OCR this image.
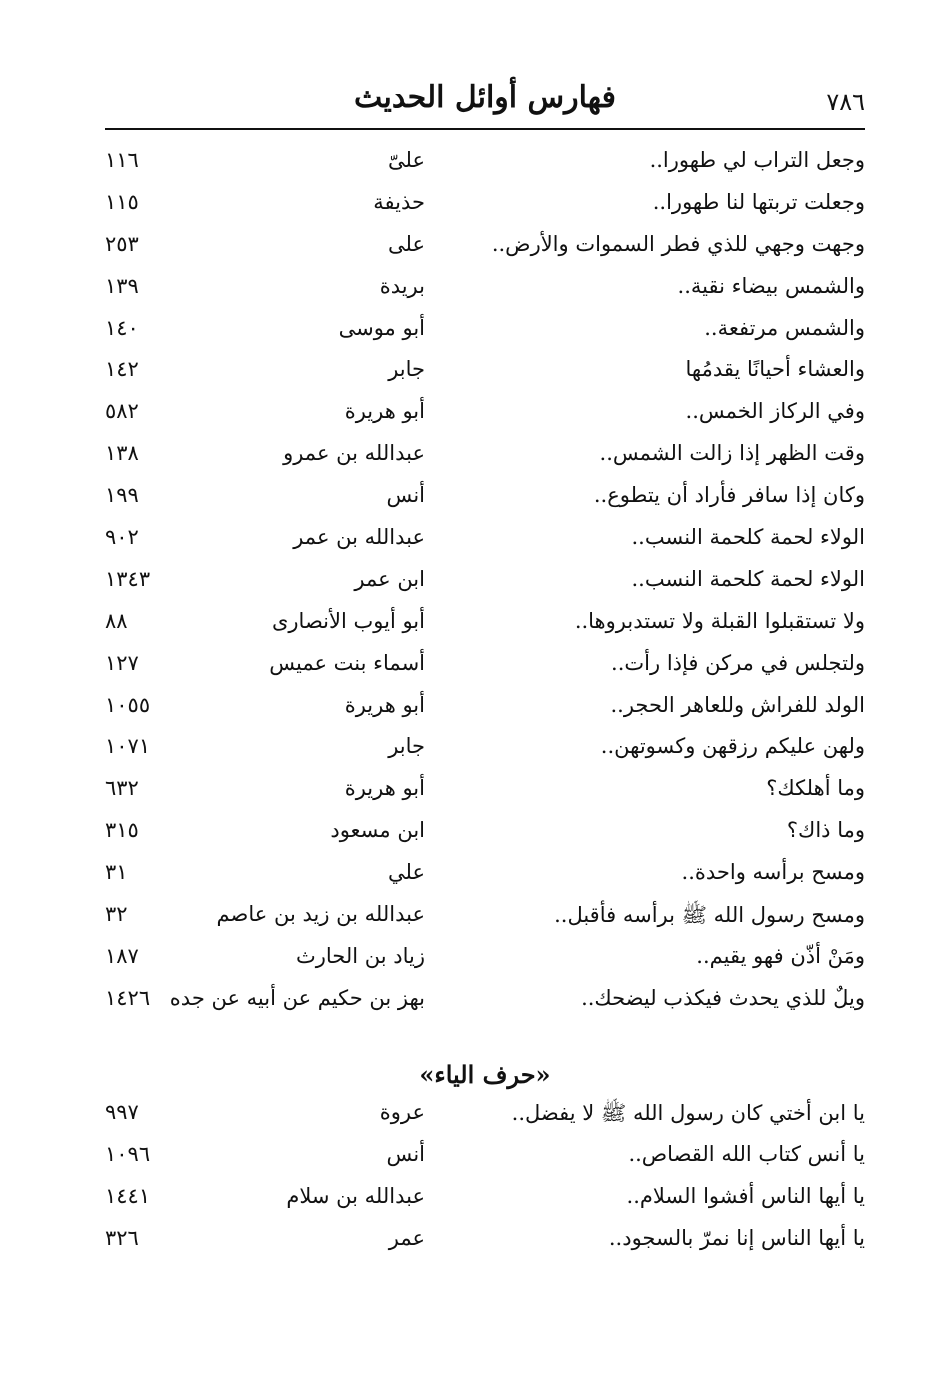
٧٨٦
فهارس أوائل الحديث
وجعل التراب لي طهورا..
علىّ
١١٦
وجعلت تربتها لنا طهورا..
حذيفة
١١٥
وجهت وجهي للذي فطر السموات والأرض..
على
٢٥٣
والشمس بيضاء نقية..
بريدة
١٣٩
والشمس مرتفعة..
أبو موسى
١٤٠
والعشاء أحيانًا يقدمُها
جابر
١٤٢
وفي الركاز الخمس..
أبو هريرة
٥٨٢
وقت الظهر إذا زالت الشمس..
عبدالله بن عمرو
١٣٨
وكان إذا سافر فأراد أن يتطوع..
أنس
١٩٩
الولاء لحمة كلحمة النسب..
عبدالله بن عمر
٩٠٢
الولاء لحمة كلحمة النسب..
ابن عمر
١٣٤٣
ولا تستقبلوا القبلة ولا تستدبروها..
أبو أيوب الأنصارى
٨٨
ولتجلس في مركن فإذا رأت..
أسماء بنت عميس
١٢٧
الولد للفراش وللعاهر الحجر..
أبو هريرة
١٠٥٥
ولهن عليكم رزقهن وكسوتهن..
جابر
١٠٧١
وما أهلكك؟
أبو هريرة
٦٣٢
وما ذاك؟
ابن مسعود
٣١٥
ومسح برأسه واحدة..
علي
٣١
ومسح رسول الله ﷺ برأسه فأقبل..
عبدالله بن زيد بن عاصم
٣٢
ومَنْ أذّن فهو يقيم..
زياد بن الحارث
١٨٧
ويلٌ للذي يحدث فيكذب ليضحك..
بهز بن حكيم عن أبيه عن جده
١٤٢٦
«حرف الياء»
يا ابن أختي كان رسول الله ﷺ لا يفضل..
عروة
٩٩٧
يا أنس كتاب الله القصاص..
أنس
١٠٩٦
يا أيها الناس أفشوا السلام..
عبدالله بن سلام
١٤٤١
يا أيها الناس إنا نمرّ بالسجود..
عمر
٣٢٦
